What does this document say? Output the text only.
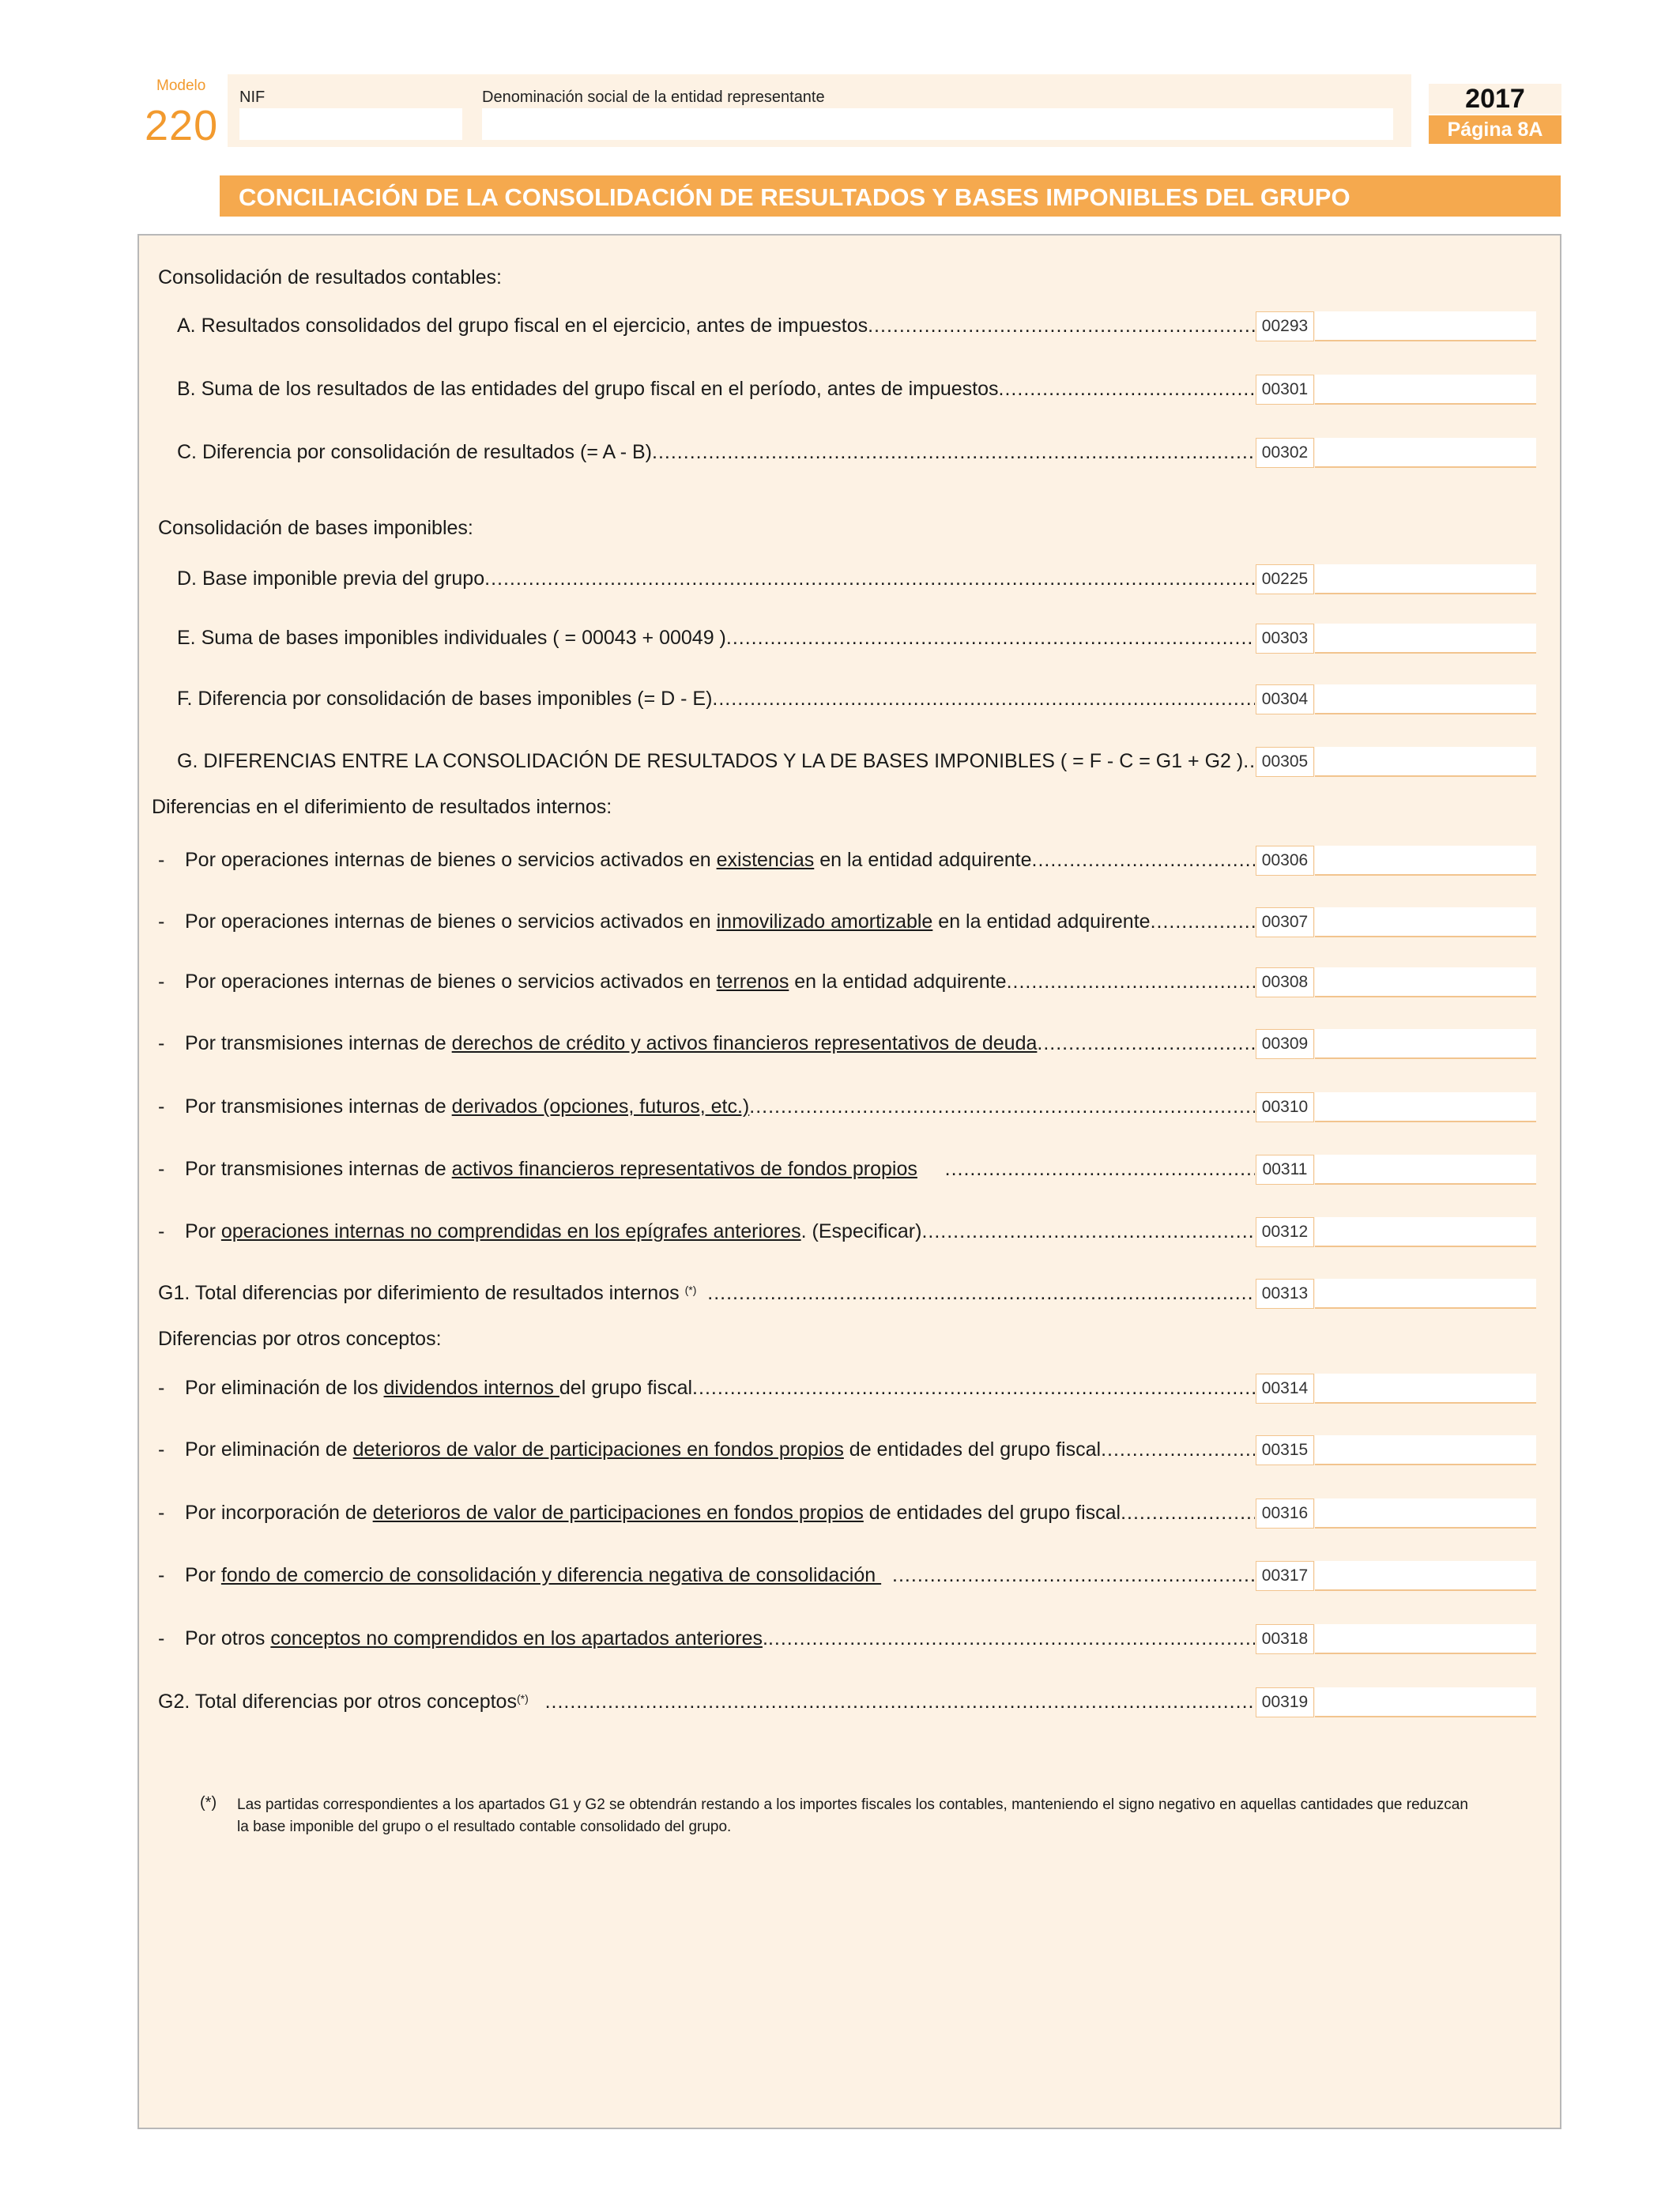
Modelo
220
NIF	Denominación social de la entidad representante	2017
Página 8A
CONCILIACIÓN DE LA CONSOLIDACIÓN DE RESULTADOS Y BASES IMPONIBLES DEL GRUPO
Consolidación de resultados contables:
Consolidación de bases imponibles:
Diferencias en el diferimiento de resultados internos:
Diferencias por otros conceptos:
A. Resultados consolidados del grupo fiscal en el ejercicio, antes de impuestos .....	00293
B. Suma de los resultados de las entidades del grupo fiscal en el período, antes de impuestos .....	00301
C. Diferencia por consolidación de resultados (= A - B) .....	00302
D. Base imponible previa del grupo .....	00225
E. Suma de bases imponibles individuales ( = 00043 + 00049 ) .....	00303
F. Diferencia por consolidación de bases imponibles (= D - E) .....	00304
G. DIFERENCIAS ENTRE LA CONSOLIDACIÓN DE RESULTADOS Y LA DE BASES IMPONIBLES ( = F - C = G1 + G2 ) .....	00305
- Por operaciones internas de bienes o servicios activados en existencias en la entidad adquirente .....	00306
- Por operaciones internas de bienes o servicios activados en inmovilizado amortizable en la entidad adquirente .....	00307
- Por operaciones internas de bienes o servicios activados en terrenos en la entidad adquirente .....	00308
- Por transmisiones internas de derechos de crédito y activos financieros representativos de deuda .....	00309
- Por transmisiones internas de derivados (opciones, futuros, etc.) .....	00310
- Por transmisiones internas de activos financieros representativos de fondos propios .....	00311
- Por operaciones internas no comprendidas en los epígrafes anteriores. (Especificar) .....	00312
G1. Total diferencias por diferimiento de resultados internos (*) .....	00313
- Por eliminación de los dividendos internos del grupo fiscal .....	00314
- Por eliminación de deterioros de valor de participaciones en fondos propios de entidades del grupo fiscal .....	00315
- Por incorporación de deterioros de valor de participaciones en fondos propios de entidades del grupo fiscal .....	00316
- Por fondo de comercio de consolidación y diferencia negativa de consolidación .....	00317
- Por otros conceptos no comprendidos en los apartados anteriores. .....	00318
G2. Total diferencias por otros conceptos(*) .....	00319
(*) Las partidas correspondientes a los apartados G1 y G2 se obtendrán restando a los importes fiscales los contables, manteniendo el signo negativo en aquellas cantidades que reduzcan la base imponible del grupo o el resultado contable consolidado del grupo.
